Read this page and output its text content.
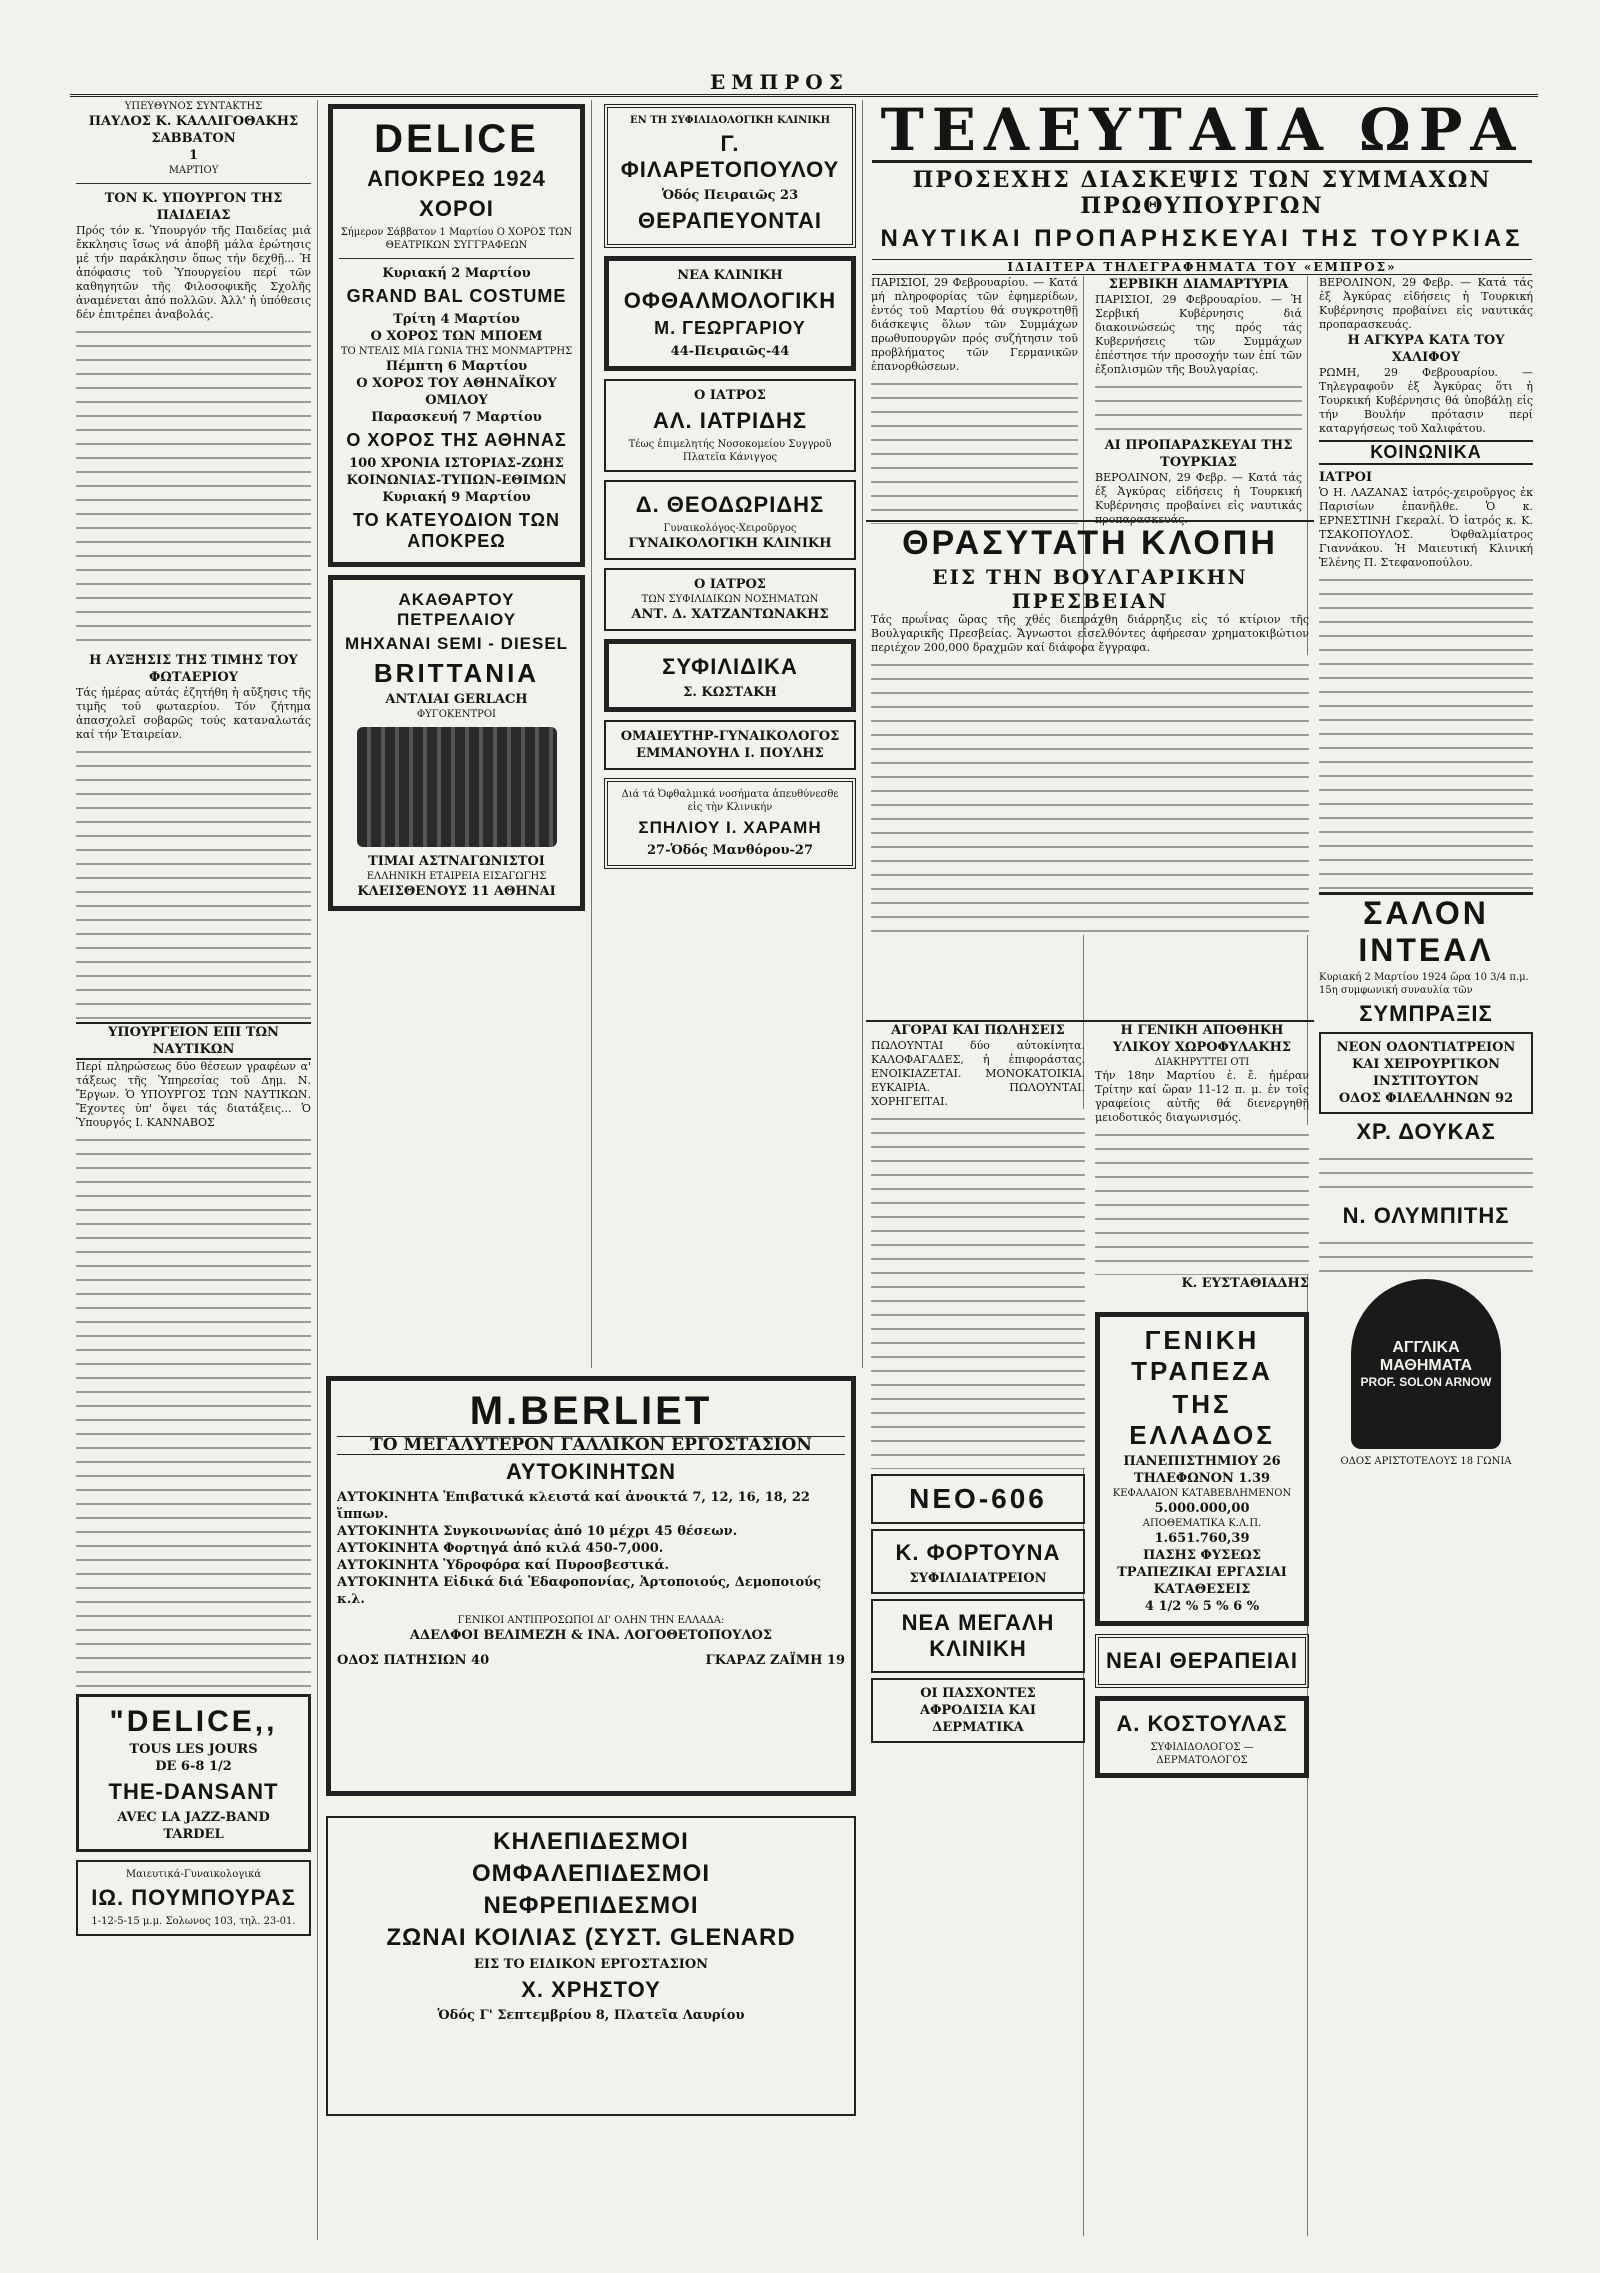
ΕΜΠΡΟΣ
ΥΠΕΥΘΥΝΟΣ ΣΥΝΤΑΚΤΗΣ
ΠΑΥΛΟΣ Κ. ΚΑΛΛΙΓΟΘΑΚΗΣ
ΣΑΒΒΑΤΟΝ
1
ΜΑΡΤΙΟΥ
ΤΟΝ Κ. ΥΠΟΥΡΓΟΝ ΤΗΣ ΠΑΙΔΕΙΑΣ
Πρός τόν κ. Ὑπουργόν τῆς Παιδείας μιά ἔκκλησις ἴσως νά ἀποβῆ μάλα ἐρώτησις μέ τήν παράκλησιν ὅπως τήν δεχθῇ... Ἡ ἀπόφασις τοῦ Ὑπουργείου περί τῶν καθηγητῶν τῆς Φιλοσοφικῆς Σχολῆς ἀναμένεται ἀπό πολλῶν. Ἀλλ' ἡ ὑπόθεσις δέν ἐπιτρέπει ἀναβολάς.
Η ΑΥΞΗΣΙΣ ΤΗΣ ΤΙΜΗΣ ΤΟΥ ΦΩΤΑΕΡΙΟΥ
Τάς ἡμέρας αὐτάς ἐζητήθη ἡ αὔξησις τῆς τιμῆς τοῦ φωταερίου. Τόν ζήτημα ἀπασχολεῖ σοβαρῶς τούς καταναλωτάς καί τήν Ἑταιρείαν.
ΥΠΟΥΡΓΕΙΟΝ ΕΠΙ ΤΩΝ ΝΑΥΤΙΚΩΝ
Περί πληρώσεως δύο θέσεων γραφέων α' τάξεως τῆς Ὑπηρεσίας τοῦ Δημ. Ν. Ἔργων. Ὁ ΥΠΟΥΡΓΟΣ ΤΩΝ ΝΑΥΤΙΚΩΝ. Ἔχοντες ὑπ' ὄψει τάς διατάξεις... Ὁ Ὑπουργός Ι. ΚΑΝΝΑΒΟΣ
"DELICE,,
TOUS LES JOURS
DE 6-8 1/2
THE-DANSANT
AVEC LA JAZZ-BAND
TARDEL
Μαιευτικά-Γυναικολογικά
ΙΩ. ΠΟΥΜΠΟΥΡΑΣ
1-12-5-15 μ.μ. Σολωνος 103, τηλ. 23-01.
DELICE
ΑΠΟΚΡΕΩ 1924
ΧΟΡΟΙ
Σήμερον Σάββατον 1 Μαρτίου Ο ΧΟΡΟΣ ΤΩΝ ΘΕΑΤΡΙΚΩΝ ΣΥΓΓΡΑΦΕΩΝ
Κυριακή 2 Μαρτίου
GRAND BAL COSTUME
Τρίτη 4 Μαρτίου
Ο ΧΟΡΟΣ ΤΩΝ ΜΠΟΕΜ
ΤΟ ΝΤΕΛΙΣ ΜΙΑ ΓΩΝΙΑ ΤΗΣ ΜΟΝΜΑΡΤΡΗΣ
Πέμπτη 6 Μαρτίου
Ο ΧΟΡΟΣ ΤΟΥ ΑΘΗΝΑΪΚΟΥ ΟΜΙΛΟΥ
Παρασκευή 7 Μαρτίου
Ο ΧΟΡΟΣ ΤΗΣ ΑΘΗΝΑΣ
100 ΧΡΟΝΙΑ ΙΣΤΟΡΙΑΣ-ΖΩΗΣ
ΚΟΙΝΩΝΙΑΣ-ΤΥΠΩΝ-ΕΘΙΜΩΝ
Κυριακή 9 Μαρτίου
ΤΟ ΚΑΤΕΥΟΔΙΟΝ ΤΩΝ ΑΠΟΚΡΕΩ
ΑΚΑΘΑΡΤΟΥ ΠΕΤΡΕΛΑΙΟΥ
ΜΗΧΑΝΑΙ SEMI - DIESEL
BRITTANIA
ΑΝΤΛΙΑΙ GERLACH
ΦΥΓΟΚΕΝΤΡΟΙ
ΤΙΜΑΙ ΑΣΤΝΑΓΩΝΙΣΤΟΙ
ΕΛΛΗΝΙΚΗ ΕΤΑΙΡΕΙΑ ΕΙΣΑΓΩΓΗΣ
ΚΛΕΙΣΘΕΝΟΥΣ 11 ΑΘΗΝΑΙ
ΕΝ ΤΗ ΣΥΦΙΛΙΔΟΛΟΓΙΚΗ ΚΛΙΝΙΚΗ
Γ. ΦΙΛΑΡΕΤΟΠΟΥΛΟΥ
Ὁδός Πειραιῶς 23
ΘΕΡΑΠΕΥΟΝΤΑΙ
ΝΕΑ ΚΛΙΝΙΚΗ
ΟΦΘΑΛΜΟΛΟΓΙΚΗ
Μ. ΓΕΩΡΓΑΡΙΟΥ
44-Πειραιῶς-44
Ο ΙΑΤΡΟΣ
ΑΛ. ΙΑΤΡΙΔΗΣ
Τέως ἐπιμελητής Νοσοκομείου Συγγροῦ
Πλατεῖα Κάνιγγος
Δ. ΘΕΟΔΩΡΙΔΗΣ
Γυναικολόγος-Χειροῦργος
ΓΥΝΑΙΚΟΛΟΓΙΚΗ ΚΛΙΝΙΚΗ
Ο ΙΑΤΡΟΣ
ΤΩΝ ΣΥΦΙΛΙΔΙΚΩΝ ΝΟΣΗΜΑΤΩΝ
ΑΝΤ. Δ. ΧΑΤΖΑΝΤΩΝΑΚΗΣ
ΣΥΦΙΛΙΔΙΚΑ
Σ. ΚΩΣΤΑΚΗ
ΟΜΑΙΕΥΤΗΡ-ΓΥΝΑΙΚΟΛΟΓΟΣ
ΕΜΜΑΝΟΥΗΛ Ι. ΠΟΥΛΗΣ
Διά τά Ὀφθαλμικά νοσήματα ἀπευθύνεσθε εἰς τὴν Κλινικήν
ΣΠΗΛΙΟΥ Ι. ΧΑΡΑΜΗ
27-Ὁδός Μανθόρου-27
M.BERLIET
ΤΟ ΜΕΓΑΛΥΤΕΡΟΝ ΓΑΛΛΙΚΟΝ ΕΡΓΟΣΤΑΣΙΟΝ
ΑΥΤΟΚΙΝΗΤΩΝ
ΑΥΤΟΚΙΝΗΤΑ Ἐπιβατικά κλειστά καί ἀνοικτά 7, 12, 16, 18, 22 ἵππων.
ΑΥΤΟΚΙΝΗΤΑ Συγκοινωνίας ἀπό 10 μέχρι 45 θέσεων.
ΑΥΤΟΚΙΝΗΤΑ Φορτηγά ἀπό κιλά 450-7,000.
ΑΥΤΟΚΙΝΗΤΑ Ὑδροφόρα καί Πυροσβεστικά.
ΑΥΤΟΚΙΝΗΤΑ Εἰδικά διά Ἑδαφοπονίας, Ἀρτοποιούς, Δεμοποιούς κ.λ.
ΓΕΝΙΚΟΙ ΑΝΤΙΠΡΟΣΩΠΟΙ ΔΙ' ΟΛΗΝ ΤΗΝ ΕΛΛΑΔΑ:
ΑΔΕΛΦΟΙ ΒΕΛΙΜΕΖΗ & ΙΝΑ. ΛΟΓΟΘΕΤΟΠΟΥΛΟΣ
ΟΔΟΣ ΠΑΤΗΣΙΩΝ 40	ΓΚΑΡΑΖ ΖΑΪΜΗ 19
ΚΗΛΕΠΙΔΕΣΜΟΙ
ΟΜΦΑΛΕΠΙΔΕΣΜΟΙ
ΝΕΦΡΕΠΙΔΕΣΜΟΙ
ΖΩΝΑΙ ΚΟΙΛΙΑΣ (ΣΥΣΤ. GLENARD
ΕΙΣ ΤΟ ΕΙΔΙΚΟΝ ΕΡΓΟΣΤΑΣΙΟΝ
Χ. ΧΡΗΣΤΟΥ
Ὁδός Γ' Σεπτεμβρίου 8, Πλατεῖα Λαυρίου
ΤΕΛΕΥΤΑΙΑ ΩΡΑ
ΠΡΟΣΕΧΗΣ ΔΙΑΣΚΕΨΙΣ ΤΩΝ ΣΥΜΜΑΧΩΝ ΠΡΩΘΥΠΟΥΡΓΩΝ
ΝΑΥΤΙΚΑΙ ΠΡΟΠΑΡΗΣΚΕΥΑΙ ΤΗΣ ΤΟΥΡΚΙΑΣ
ΙΔΙΑΙΤΕΡΑ ΤΗΛΕΓΡΑΦΗΜΑΤΑ ΤΟΥ «ΕΜΠΡΟΣ»
ΠΑΡΙΣΙΟΙ, 29 Φεβρουαρίου. — Κατά μή πληροφορίας τῶν ἐφημερίδων, ἐντός τοῦ Μαρτίου θά συγκροτηθῇ διάσκεψις ὅλων τῶν Συμμάχων πρωθυπουργῶν πρός συζήτησιν τοῦ προβλήματος τῶν Γερμανικῶν ἐπανορθώσεων.
ΣΕΡΒΙΚΗ ΔΙΑΜΑΡΤΥΡΙΑ
ΠΑΡΙΣΙΟΙ, 29 Φεβρουαρίου. — Ἡ Σερβική Κυβέρνησις διά διακοινώσεώς της πρός τάς Κυβερνήσεις τῶν Συμμάχων ἐπέστησε τήν προσοχήν των ἐπί τῶν ἐξοπλισμῶν τῆς Βουλγαρίας.
ΑΙ ΠΡΟΠΑΡΑΣΚΕΥΑΙ ΤΗΣ ΤΟΥΡΚΙΑΣ
ΒΕΡΟΛΙΝΟΝ, 29 Φεβρ. — Κατά τάς ἐξ Ἀγκύρας εἰδήσεις ἡ Τουρκική Κυβέρνησις προβαίνει εἰς ναυτικάς προπαρασκευάς.
ΒΕΡΟΛΙΝΟΝ, 29 Φεβρ. — Κατά τάς ἐξ Ἀγκύρας εἰδήσεις ἡ Τουρκική Κυβέρνησις προβαίνει εἰς ναυτικάς προπαρασκευάς.
Η ΑΓΚΥΡΑ ΚΑΤΑ ΤΟΥ ΧΑΛΙΦΟΥ
ΡΩΜΗ, 29 Φεβρουαρίου. — Τηλεγραφοῦν ἐξ Ἀγκύρας ὅτι ἡ Τουρκική Κυβέρνησις θά ὑποβάλῃ εἰς τήν Βουλήν πρότασιν περί καταργήσεως τοῦ Χαλιφάτου.
ΚΟΙΝΩΝΙΚΑ
ΙΑΤΡΟΙ
Ὁ Η. ΛΑΖΑΝΑΣ ἰατρός-χειροῦργος ἐκ Παρισίων ἐπανῆλθε. Ὁ κ. ΕΡΝΕΣΤΙΝΗ Γκεραλί. Ὁ ἰατρός κ. Κ. ΤΣΑΚΟΠΟΥΛΟΣ. Ὀφθαλμίατρος Γιαννάκου. Ἡ Μαιευτική Κλινική Ἑλένης Π. Στεφανοπούλου.
ΣΑΛΟΝ ΙΝΤΕΑΛ
Κυριακή 2 Μαρτίου 1924 ὥρα 10 3/4 π.μ. 15η συμφωνική συναυλία τῶν
ΣΥΜΠΡΑΞΙΣ
ΝΕΟΝ ΟΔΟΝΤΙΑΤΡΕΙΟΝ ΚΑΙ ΧΕΙΡΟΥΡΓΙΚΟΝ ΙΝΣΤΙΤΟΥΤΟΝ
ΟΔΟΣ ΦΙΛΕΛΛΗΝΩΝ 92
ΧΡ. ΔΟΥΚΑΣ
Ν. ΟΛΥΜΠΙΤΗΣ
ΑΓΓΛΙΚΑ ΜΑΘΗΜΑΤΑ
PROF. SOLON ARNOW
ΟΔΟΣ ΑΡΙΣΤΟΤΕΛΟΥΣ 18 ΓΩΝΙΑ
ΘΡΑΣΥΤΑΤΗ ΚΛΟΠΗ
ΕΙΣ ΤΗΝ ΒΟΥΛΓΑΡΙΚΗΝ ΠΡΕΣΒΕΙΑΝ
Τάς πρωΐνας ὥρας τῆς χθές διεπράχθη διάρρηξις εἰς τό κτίριον τῆς Βουλγαρικῆς Πρεσβείας. Ἄγνωστοι εἰσελθόντες ἀφήρεσαν χρηματοκιβώτιον περιέχον 200,000 δραχμῶν καί διάφορα ἔγγραφα.
ΑΓΟΡΑΙ ΚΑΙ ΠΩΛΗΣΕΙΣ
ΠΩΛΟΥΝΤΑΙ δύο αὐτοκίνητα. ΚΑΛΟΦΑΓΑΔΕΣ, ἡ ἐπιφοράστας. ΕΝΟΙΚΙΑΖΕΤΑΙ. ΜΟΝΟΚΑΤΟΙΚΙΑ. ΕΥΚΑΙΡΙΑ. ΠΩΛΟΥΝΤΑΙ. ΧΟΡΗΓΕΙΤΑΙ.
ΝΕΟ-606
Κ. ΦΟΡΤΟΥΝΑ
ΣΥΦΙΛΙΔΙΑΤΡΕΙΟΝ
ΝΕΑ ΜΕΓΑΛΗ ΚΛΙΝΙΚΗ
ΟΙ ΠΑΣΧΟΝΤΕΣ
ΑΦΡΟΔΙΣΙΑ ΚΑΙ ΔΕΡΜΑΤΙΚΑ
Η ΓΕΝΙΚΗ ΑΠΟΘΗΚΗ
ΥΛΙΚΟΥ ΧΩΡΟΦΥΛΑΚΗΣ
ΔΙΑΚΗΡΥΤΤΕΙ ΟΤΙ
Τήν 18ην Μαρτίου ἐ. ἔ. ἡμέραν Τρίτην καί ὥραν 11-12 π. μ. ἐν τοῖς γραφείοις αὐτῆς θά διενεργηθῇ μειοδοτικός διαγωνισμός.
Κ. ΕΥΣΤΑΘΙΑΔΗΣ
ΓΕΝΙΚΗ ΤΡΑΠΕΖΑ
ΤΗΣ ΕΛΛΑΔΟΣ
ΠΑΝΕΠΙΣΤΗΜΙΟΥ 26
ΤΗΛΕΦΩΝΟΝ 1.39
ΚΕΦΑΛΑΙΟΝ ΚΑΤΑΒΕΒΛΗΜΕΝΟΝ
5.000.000,00
ΑΠΟΘΕΜΑΤΙΚΑ Κ.Λ.Π.
1.651.760,39
ΠΑΣΗΣ ΦΥΣΕΩΣ ΤΡΑΠΕΖΙΚΑΙ ΕΡΓΑΣΙΑΙ
ΚΑΤΑΘΕΣΕΙΣ
4 1/2 % 5 % 6 %
ΝΕΑΙ ΘΕΡΑΠΕΙΑΙ
Α. ΚΟΣΤΟΥΛΑΣ
ΣΥΦΙΛΙΔΟΛΟΓΟΣ — ΔΕΡΜΑΤΟΛΟΓΟΣ
